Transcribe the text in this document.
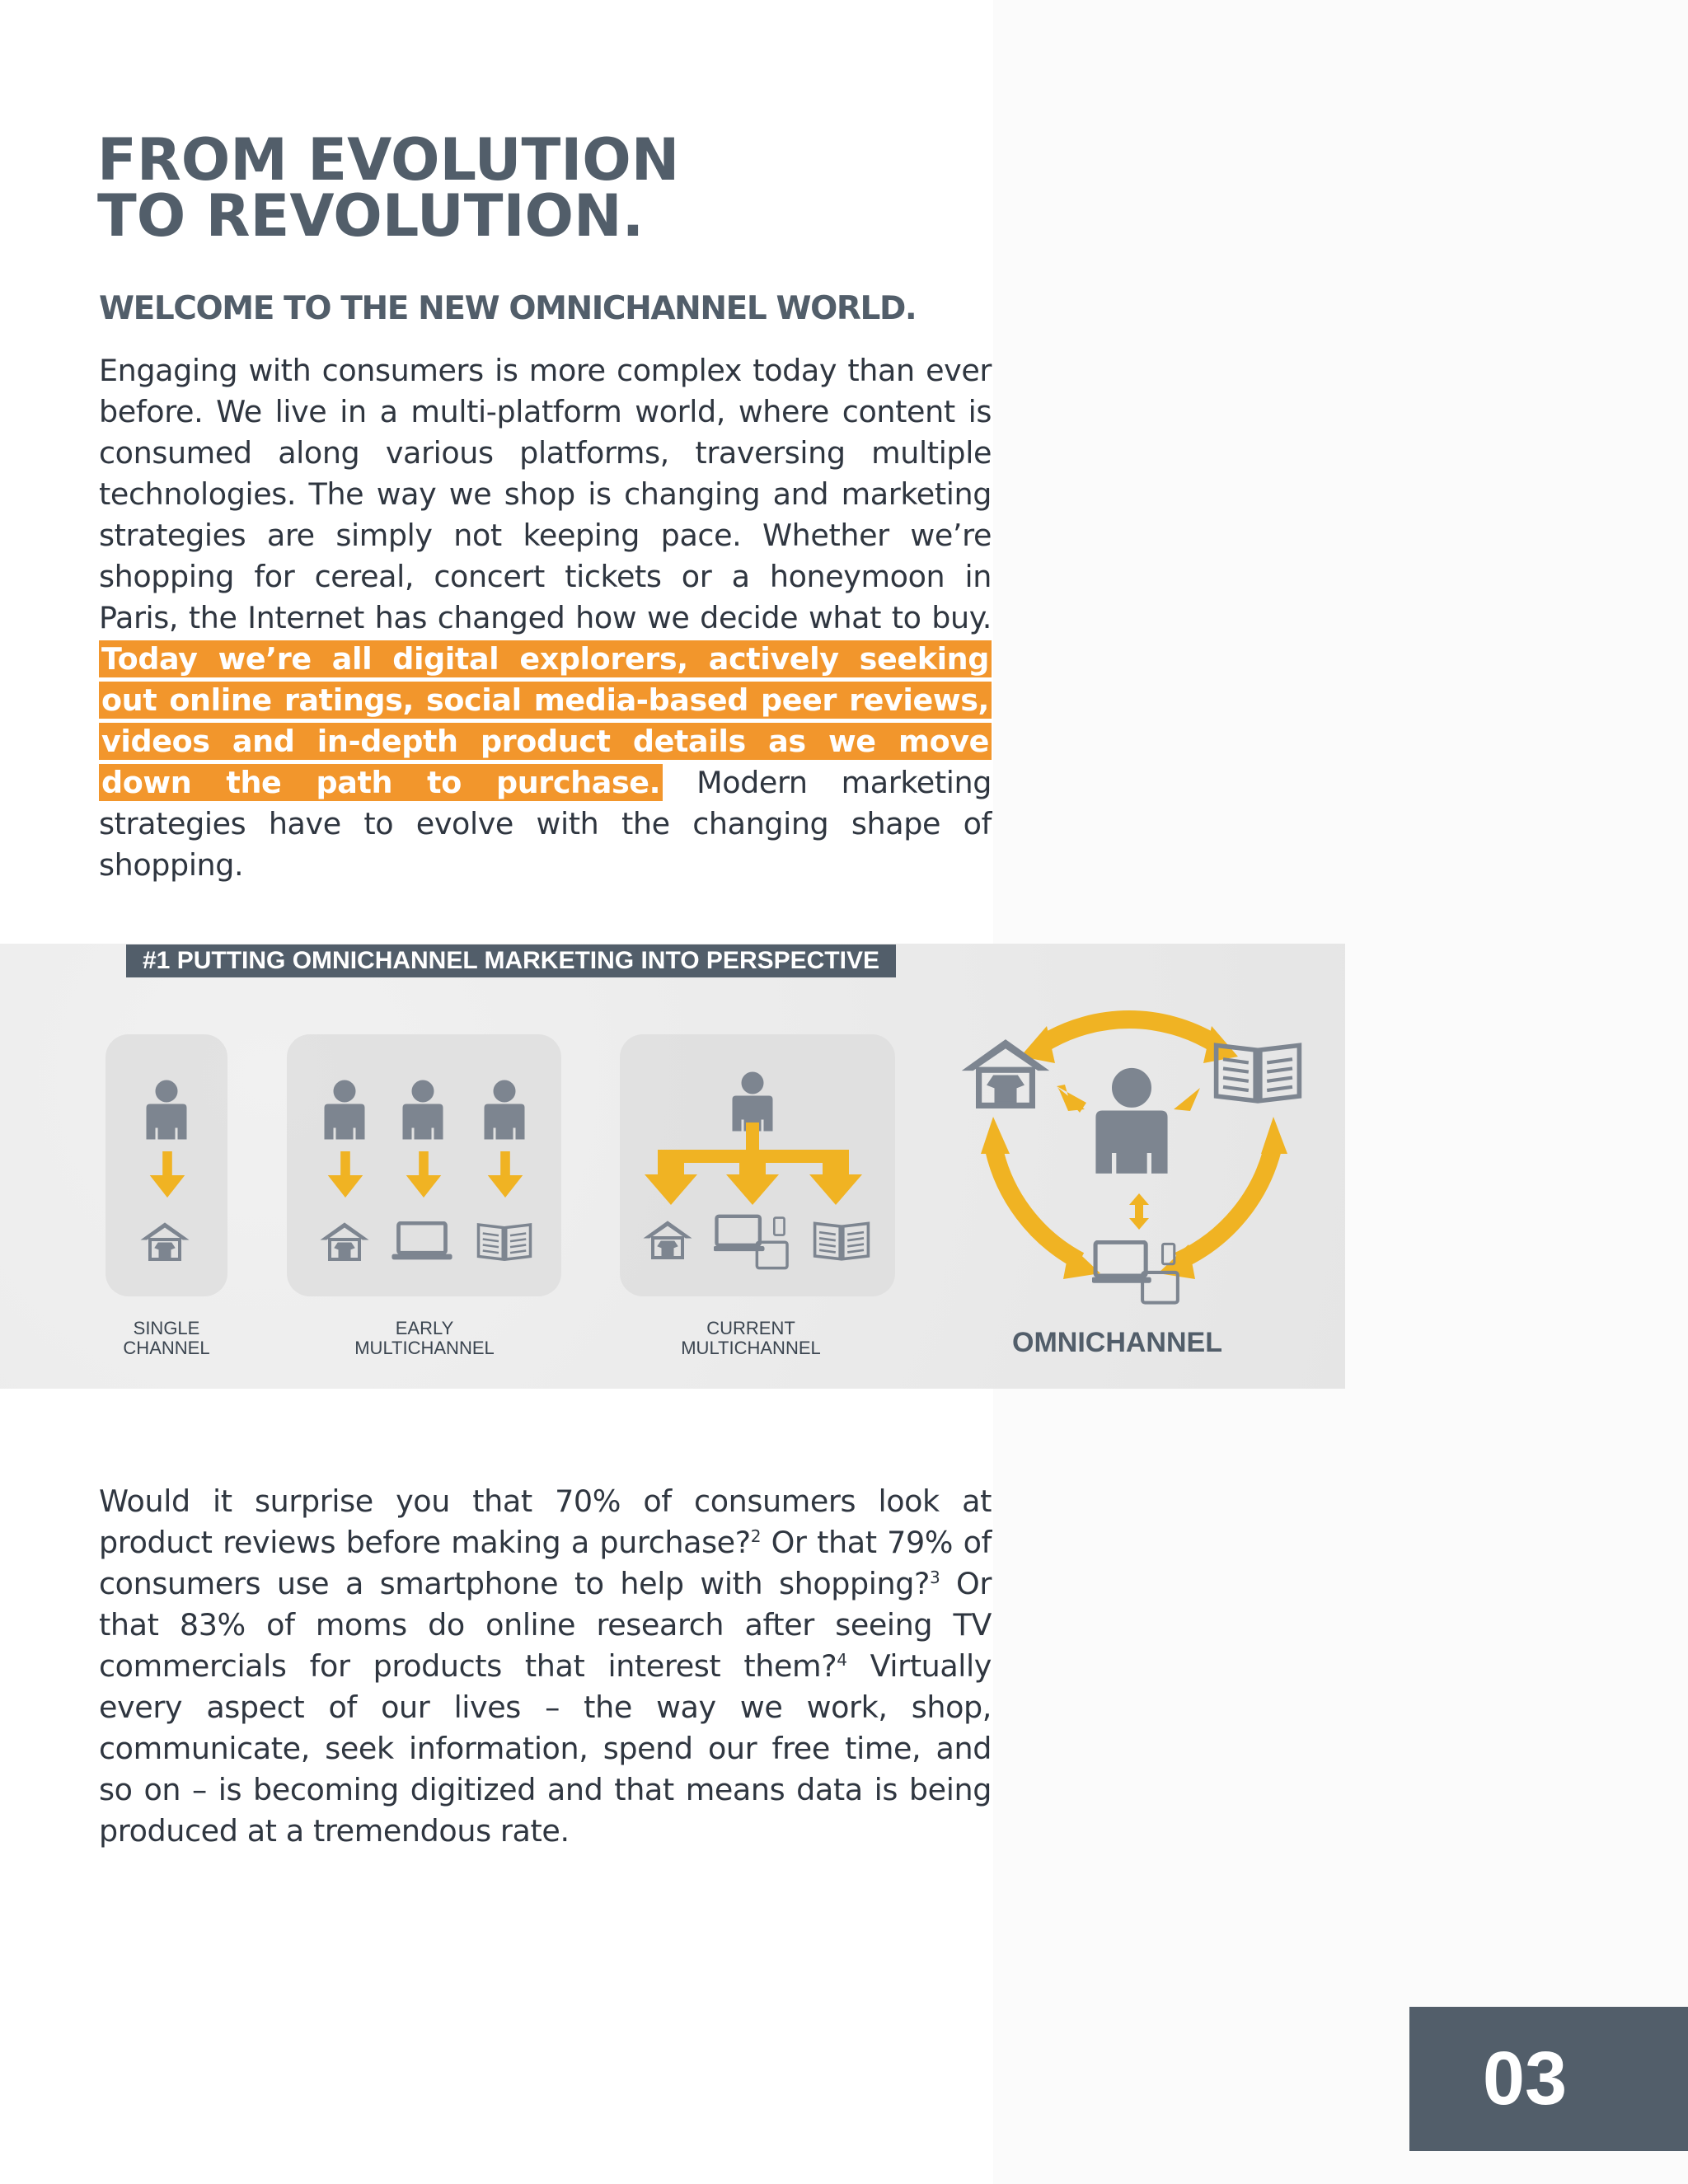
FROM EVOLUTION
TO REVOLUTION.
WELCOME TO THE NEW OMNICHANNEL WORLD.

Engaging with consumers is more complex today than ever before. We live in a multi-platform world, where content is consumed along various platforms, traversing multiple technologies. The way we shop is changing and marketing strategies are simply not keeping pace. Whether we’re shopping for cereal, concert tickets or a honeymoon in Paris, the Internet has changed how we decide what to buy. Today we’re all digital explorers, actively seeking out online ratings, social media-based peer reviews, videos and in-depth product details as we move down the path to purchase. Modern marketing strategies have to evolve with the changing shape of shopping.

#1 PUTTING OMNICHANNEL MARKETING INTO PERSPECTIVE
SINGLE
CHANNEL
EARLY
MULTICHANNEL
CURRENT
MULTICHANNEL	OMNICHANNEL

Would it surprise you that 70% of consumers look at product reviews before making a purchase?$^2$ Or that 79% of consumers use a smartphone to help with shopping?$^3$ Or that 83% of moms do online research after seeing TV commercials for products that interest them?$^4$ Virtually every aspect of our lives – the way we work, shop, communicate, seek information, spend our free time, and so on – is becoming digitized and that means data is being produced at a tremendous rate.

03
